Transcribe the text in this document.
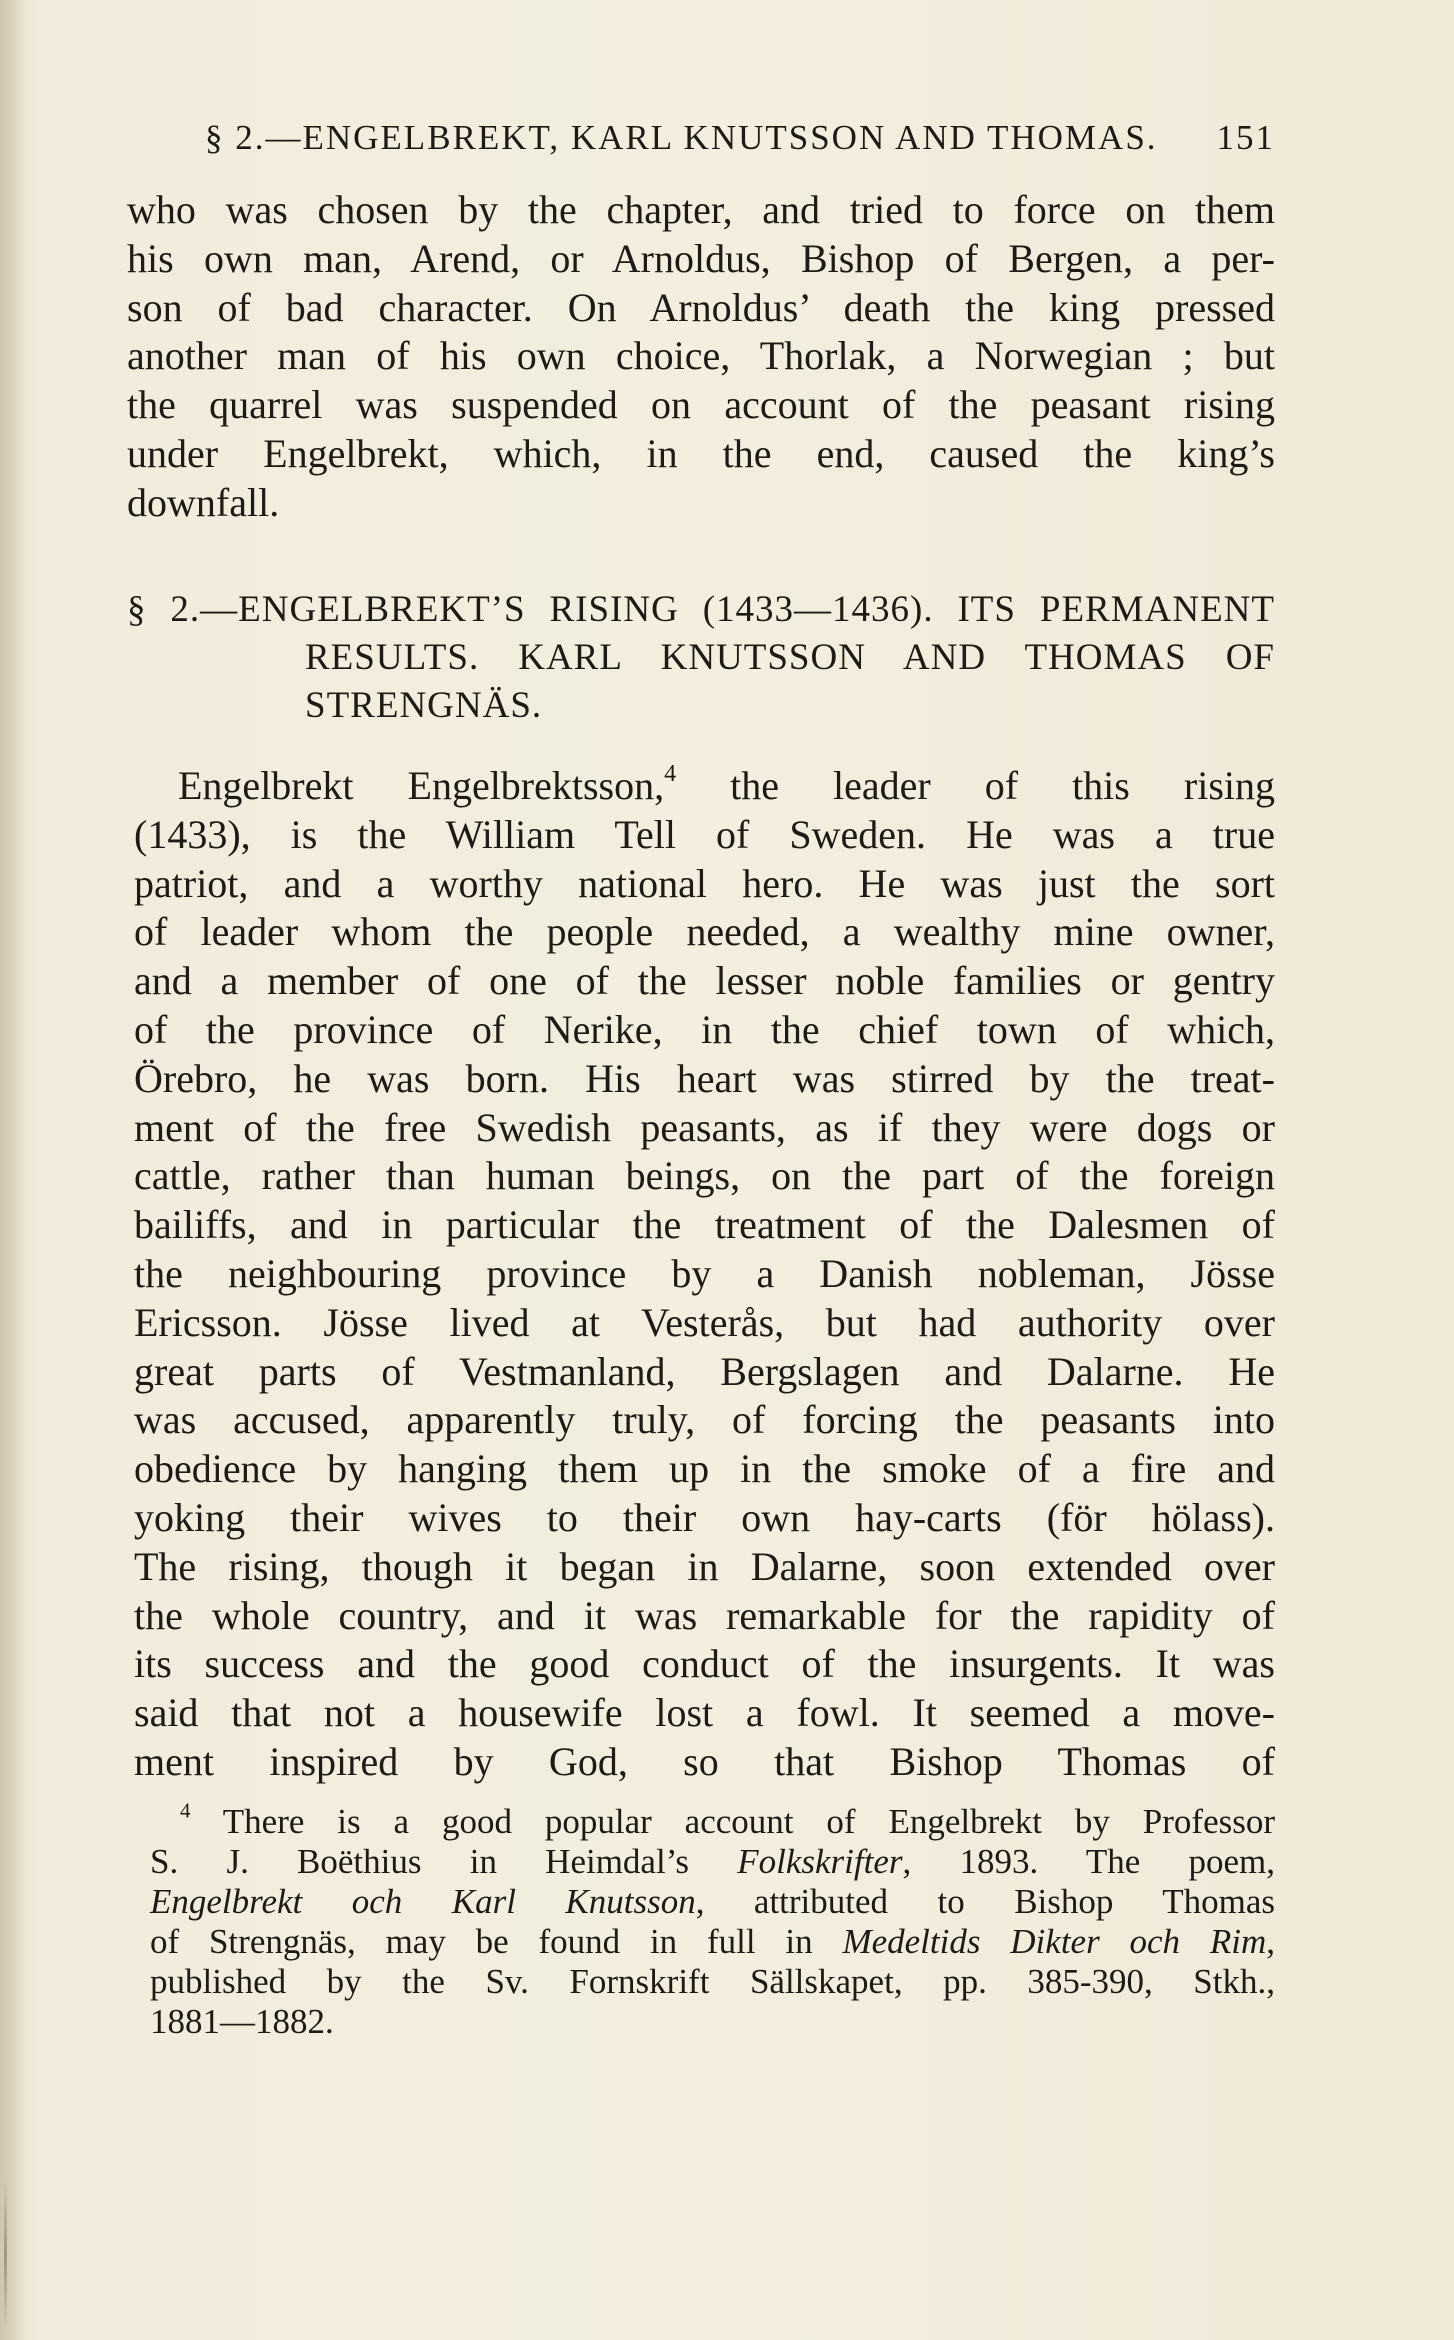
§ 2.—ENGELBREKT, KARL KNUTSSON AND THOMAS. 151
who was chosen by the chapter, and tried to force on them
his own man, Arend, or Arnoldus, Bishop of Bergen, a per-
son of bad character. On Arnoldus’ death the king pressed
another man of his own choice, Thorlak, a Norwegian ; but
the quarrel was suspended on account of the peasant rising
under Engelbrekt, which, in the end, caused the king’s
downfall.
§ 2.—ENGELBREKT’S RISING (1433—1436). ITS PERMANENT
RESULTS. KARL KNUTSSON AND THOMAS OF
STRENGNÄS.
Engelbrekt Engelbrektsson,$^4$ the leader of this rising
(1433), is the William Tell of Sweden. He was a true
patriot, and a worthy national hero. He was just the sort
of leader whom the people needed, a wealthy mine owner,
and a member of one of the lesser noble families or gentry
of the province of Nerike, in the chief town of which,
Örebro, he was born. His heart was stirred by the treat-
ment of the free Swedish peasants, as if they were dogs or
cattle, rather than human beings, on the part of the foreign
bailiffs, and in particular the treatment of the Dalesmen of
the neighbouring province by a Danish nobleman, Jösse
Ericsson. Jösse lived at Vesterås, but had authority over
great parts of Vestmanland, Bergslagen and Dalarne. He
was accused, apparently truly, of forcing the peasants into
obedience by hanging them up in the smoke of a fire and
yoking their wives to their own hay-carts (för hölass).
The rising, though it began in Dalarne, soon extended over
the whole country, and it was remarkable for the rapidity of
its success and the good conduct of the insurgents. It was
said that not a housewife lost a fowl. It seemed a move-
ment inspired by God, so that Bishop Thomas of
$^4$ There is a good popular account of Engelbrekt by Professor
S. J. Boëthius in Heimdal’s Folkskrifter, 1893. The poem,
Engelbrekt och Karl Knutsson, attributed to Bishop Thomas
of Strengnäs, may be found in full in Medeltids Dikter och Rim,
published by the Sv. Fornskrift Sällskapet, pp. 385-390, Stkh.,
1881—1882.
